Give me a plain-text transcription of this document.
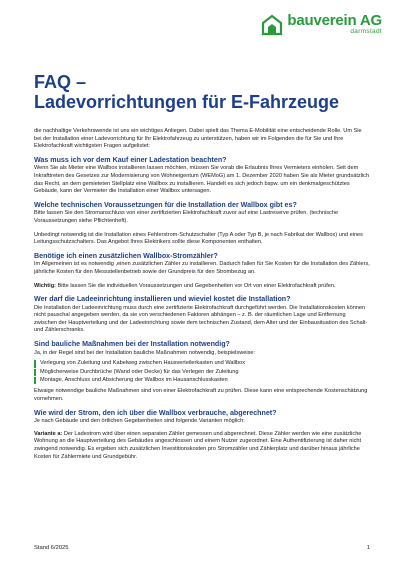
bauverein AG
darmstadt
FAQ –
Ladevorrichtungen für E-Fahrzeuge

die nachhaltige Verkehrswende ist uns ein wichtiges Anliegen. Dabei spielt das Thema E-Mobilität eine entscheidende Rolle. Um Sie bei der Installation einer Ladevorrichtung für Ihr Elektrofahrzeug zu unterstützen, haben wir im Folgenden die für Sie und Ihre Elektrofachkraft wichtigsten Fragen aufgelistet:

Was muss ich vor dem Kauf einer Ladestation beachten?

Wenn Sie als Mieter eine Wallbox installieren lassen möchten, müssen Sie vorab die Erlaubnis Ihres Vermieters einholen. Seit dem Inkrafttreten des Gesetzes zur Modernisierung von Wohneigentum (WEMoG) am 1. Dezember 2020 haben Sie als Mieter grundsätzlich das Recht, an dem gemieteten Stellplatz eine Wallbox zu installieren. Handelt es sich jedoch bspw. um ein denkmalgeschütztes Gebäude, kann der Vermieter die Installation einer Wallbox untersagen.

Welche technischen Voraussetzungen für die Installation der Wallbox gibt es?

Bitte lassen Sie den Stromanschluss von einer zertifizierten Elektrofachkraft zuvor auf eine Lastreserve prüfen. (technische Voraussetzungen siehe Pflichtenheft).

Unbedingt notwendig ist die Installation eines Fehlerstrom-Schutzschalter (Typ A oder Typ B, je nach Fabrikat der Wallbox) und eines Leitungsschutzschalters. Das Angebot Ihres Elektrikers sollte diese Komponenten enthalten.

Benötige ich einen zusätzlichen Wallbox-Stromzähler?

Im Allgemeinen ist es notwendig ,einen zusätzlichen Zähler zu installieren. Dadurch fallen für Sie Kosten für die Installation des Zählers, jährliche Kosten für den Messstellenbetrieb sowie der Grundpreis für den Strombezug an.

Wichtig: Bitte lassen Sie die individuellen Voraussetzungen und Gegebenheiten vor Ort von einer Elektrofachkraft prüfen.

Wer darf die Ladeeinrichtung installieren und wieviel kostet die Installation?

Die Installation der Ladeeinrichtung muss durch eine zertifizierte Elektrofachkraft durchgeführt werden. Die Installationskosten können nicht pauschal angegeben werden, da sie von verschiedenen Faktoren abhängen – z. B. der räumlichen Lage und Entfernung zwischen der Hauptverteilung und der Ladeeinrichtung sowie dem technischen Zustand, dem Alter und der Einbausituation des Schalt- und Zählerschranks.

Sind bauliche Maßnahmen bei der Installation notwendig?

Ja, in der Regel sind bei der Installation bauliche Maßnahmen notwendig, beispielsweise:

Verlegung von Zuleitung und Kabelweg zwischen Hausverteilerkasten und Wallbox
Möglicherweise Durchbrüche (Wand oder Decke) für das Verlegen der Zuleitung
Montage, Anschluss und Absicherung der Wallbox im Hausanschlusskasten

Etwaige notwendige bauliche Maßnahmen sind von einer Elektrofachkraft zu prüfen. Diese kann eine entsprechende Kostenschätzung vornehmen.

Wie wird der Strom, den ich über die Wallbox verbrauche, abgerechnet?

Je nach Gebäude und den örtlichen Gegebenheiten sind folgende Varianten möglich:

Variante a: Der Ladestrom wird über einen separaten Zähler gemessen und abgerechnet. Diese Zähler werden wie eine zusätzliche Wohnung an die Hauptverteilung des Gebäudes angeschlossen und einem Nutzer zugeordnet. Eine Authentifizierung ist daher nicht zwingend notwendig. Es ergeben sich zusätzlichen Investitionskosten pro Stromzähler und Zählerplatz und darüber hinaus jährliche Kosten für Zählermiete und Grundgebühr.

Stand 6/2025	1
